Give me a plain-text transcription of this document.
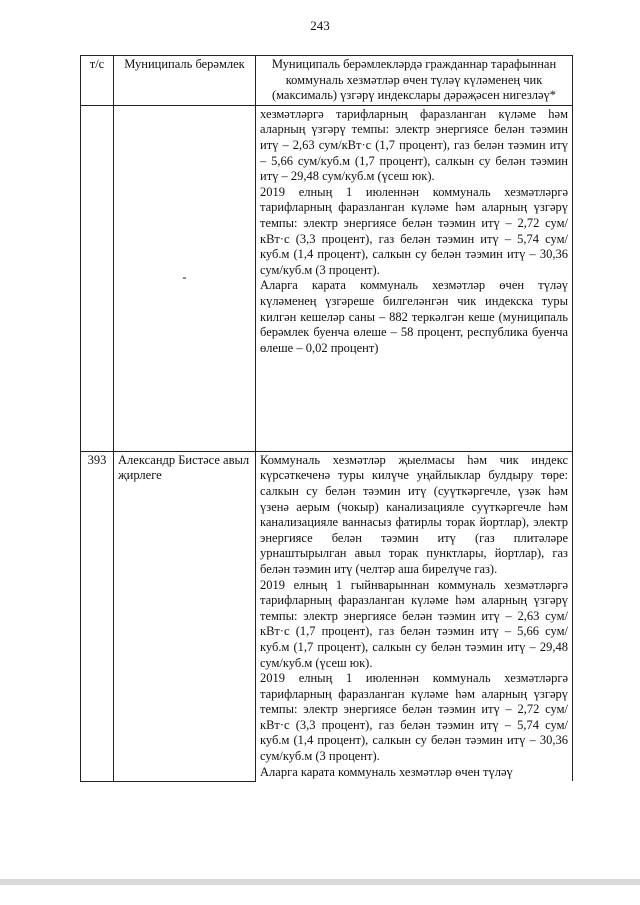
243
т/с	Муниципаль берәмлек	Муниципаль берәмлекләрдә гражданнар тарафыннан коммуналь хезмәтләр өчен түләү күләменең чик (максималь) үзгәрү индекслары дәрәҗәсен нигезләү*
	-	хезмәтләргә тарифларның фаразланган күләме һәм аларның үзгәрү темпы: электр энергиясе белән тәэмин итү – 2,63 сум/кВт·с (1,7 процент), газ белән тәэмин итү – 5,66 сум/куб.м (1,7 процент), салкын су белән тәэмин итү – 29,48 сум/куб.м (үсеш юк).

2019 елның 1 июленнән коммуналь хезмәтләргә тарифларның фаразланган күләме һәм аларның үзгәрү темпы: электр энергиясе белән тәэмин итү – 2,72 сум/кВт·с (3,3 процент), газ белән тәэмин итү – 5,74 сум/куб.м (1,4 процент), салкын су белән тәэмин итү – 30,36 сум/куб.м (3 процент).

Аларга карата коммуналь хезмәтләр өчен түләү күләменең үзгәреше билгеләнгән чик индекска туры килгән кешеләр саны – 882 теркәлгән кеше (муниципаль берәмлек буенча өлеше – 58 процент, республика буенча өлеше – 0,02 процент)

393	Александр Бистәсе авыл җирлеге	Коммуналь хезмәтләр җыелмасы һәм чик индекс күрсәткеченә туры килүче уңайлыклар булдыру төре: салкын су белән тәэмин итү (суүткәргечле, үзәк һәм үзенә аерым (чокыр) канализацияле суүткәргечле һәм канализацияле ваннасыз фатирлы торак йортлар), электр энергиясе белән тәэмин итү (газ плитәләре урнаштырылган авыл торак пунктлары, йортлар), газ белән тәэмин итү (челтәр аша бирелүче газ).

2019 елның 1 гыйнварыннан коммуналь хезмәтләргә тарифларның фаразланган күләме һәм аларның үзгәрү темпы: электр энергиясе белән тәэмин итү – 2,63 сум/кВт·с (1,7 процент), газ белән тәэмин итү – 5,66 сум/куб.м (1,7 процент), салкын су белән тәэмин итү – 29,48 сум/куб.м (үсеш юк).

2019 елның 1 июленнән коммуналь хезмәтләргә тарифларның фаразланган күләме һәм аларның үзгәрү темпы: электр энергиясе белән тәэмин итү – 2,72 сум/кВт·с (3,3 процент), газ белән тәэмин итү – 5,74 сум/куб.м (1,4 процент), салкын су белән тәэмин итү – 30,36 сум/куб.м (3 процент).

Аларга карата коммуналь хезмәтләр өчен түләү
